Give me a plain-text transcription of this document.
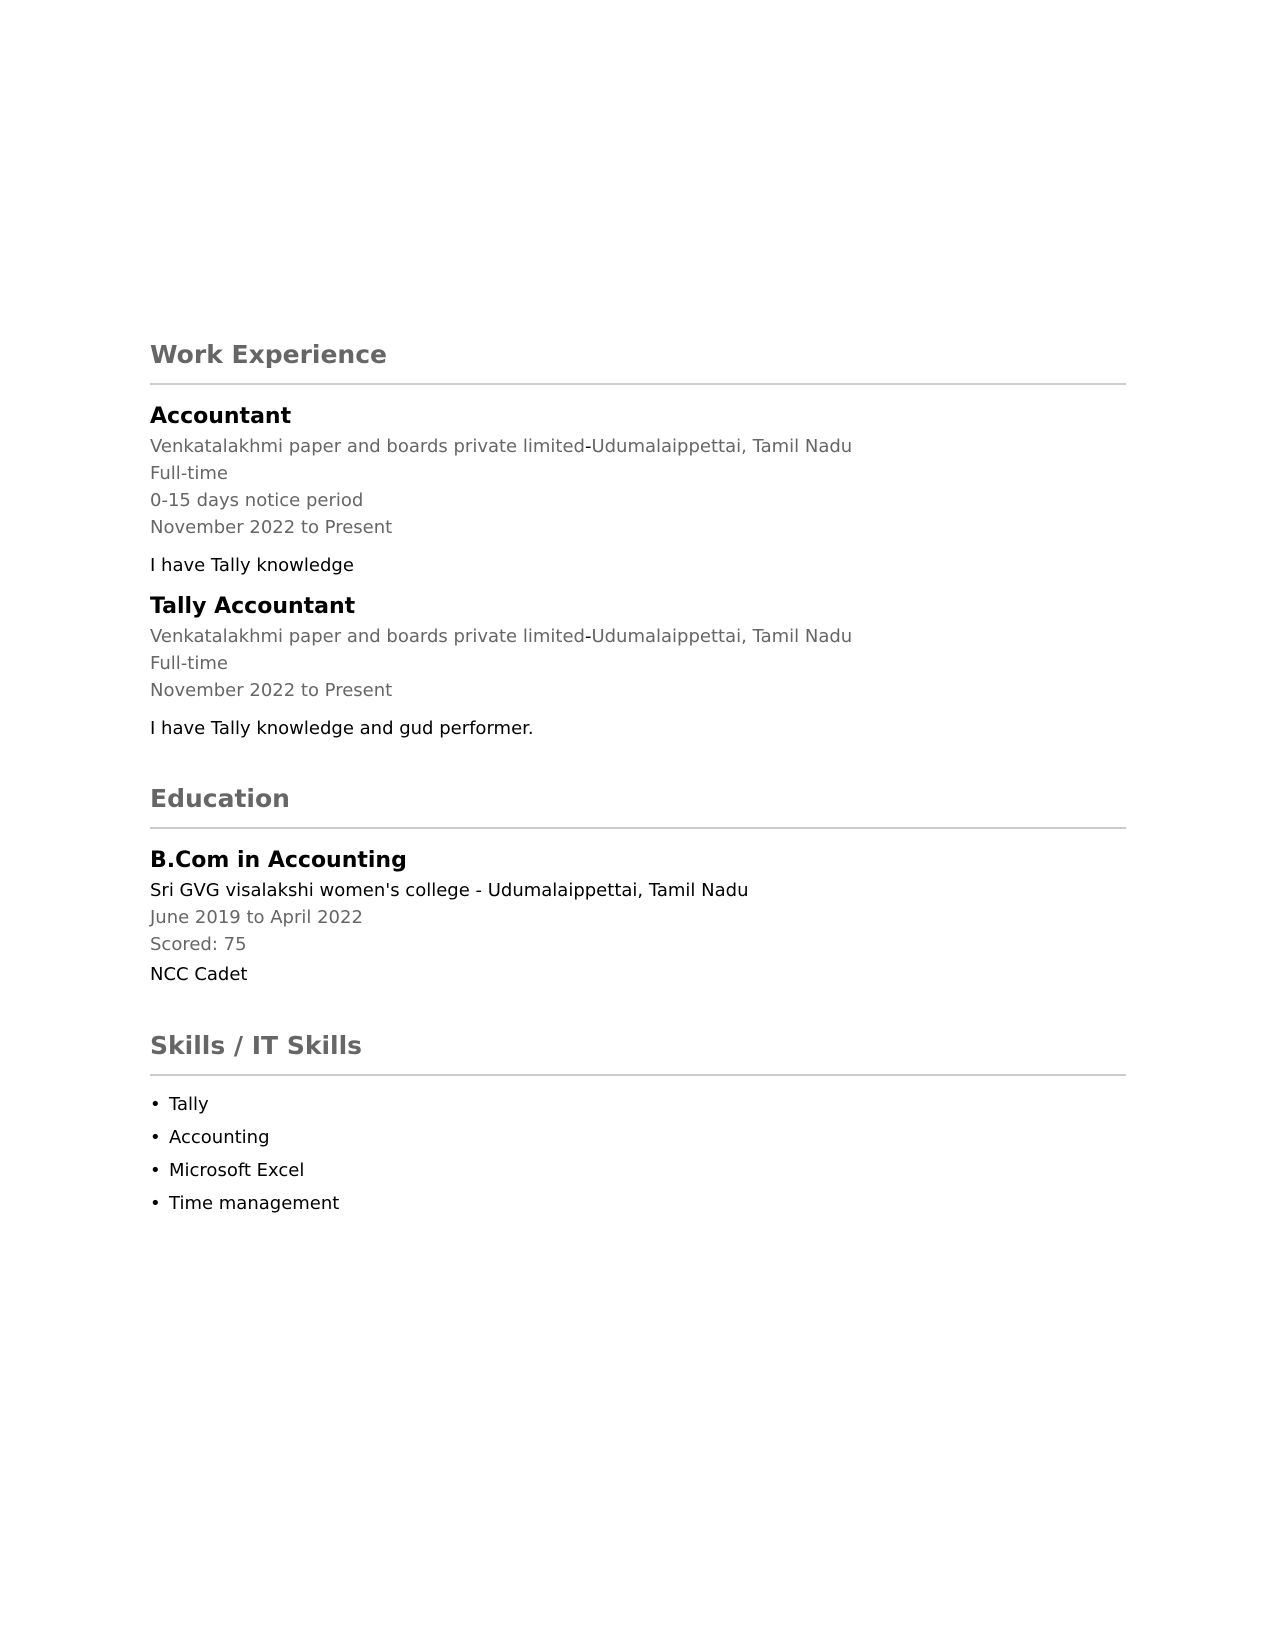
Work Experience
Accountant
Venkatalakhmi paper and boards private limited-Udumalaippettai, Tamil Nadu
Full-time
0-15 days notice period
November 2022 to Present
I have Tally knowledge
Tally Accountant
Venkatalakhmi paper and boards private limited-Udumalaippettai, Tamil Nadu
Full-time
November 2022 to Present
I have Tally knowledge and gud performer.
Education
B.Com in Accounting
Sri GVG visalakshi women's college - Udumalaippettai, Tamil Nadu
June 2019 to April 2022
Scored: 75
NCC Cadet
Skills / IT Skills
• Tally
• Accounting
• Microsoft Excel
• Time management
